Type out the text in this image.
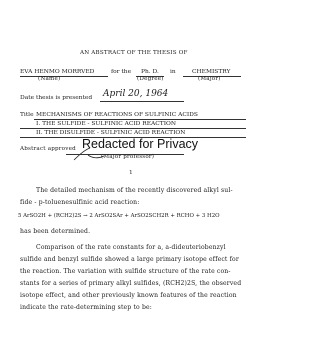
AN ABSTRACT OF THE THESIS OF
EVA HENMO MORRVED	for the Ph. D. in	CHEMISTRY
(Name)	(Degree)	(Major)
Date thesis is presented April 20, 1964
Title MECHANISMS OF REACTIONS OF SULFINIC ACIDS
I. THE SULFIDE - SULFINIC ACID REACTION
II. THE DISULFIDE - SULFINIC ACID REACTION
Abstract approved Redacted for Privacy
(Major professor)
1
The detailed mechanism of the recently discovered alkyl sul-
fide - p-toluenesulfinic acid reaction:
5 ArSO2H + (RCH2)2S → 2 ArSO2SAr + ArSO2SCH2R + RCHO + 3 H2O
has been determined.
Comparison of the rate constants for a, a-dideuteriobenzyl
sulfide and benzyl sulfide showed a large primary isotope effect for
the reaction. The variation with sulfide structure of the rate con-
stants for a series of primary alkyl sulfides, (RCH2)2S, the observed
isotope effect, and other previously known features of the reaction
indicate the rate-determining step to be:
